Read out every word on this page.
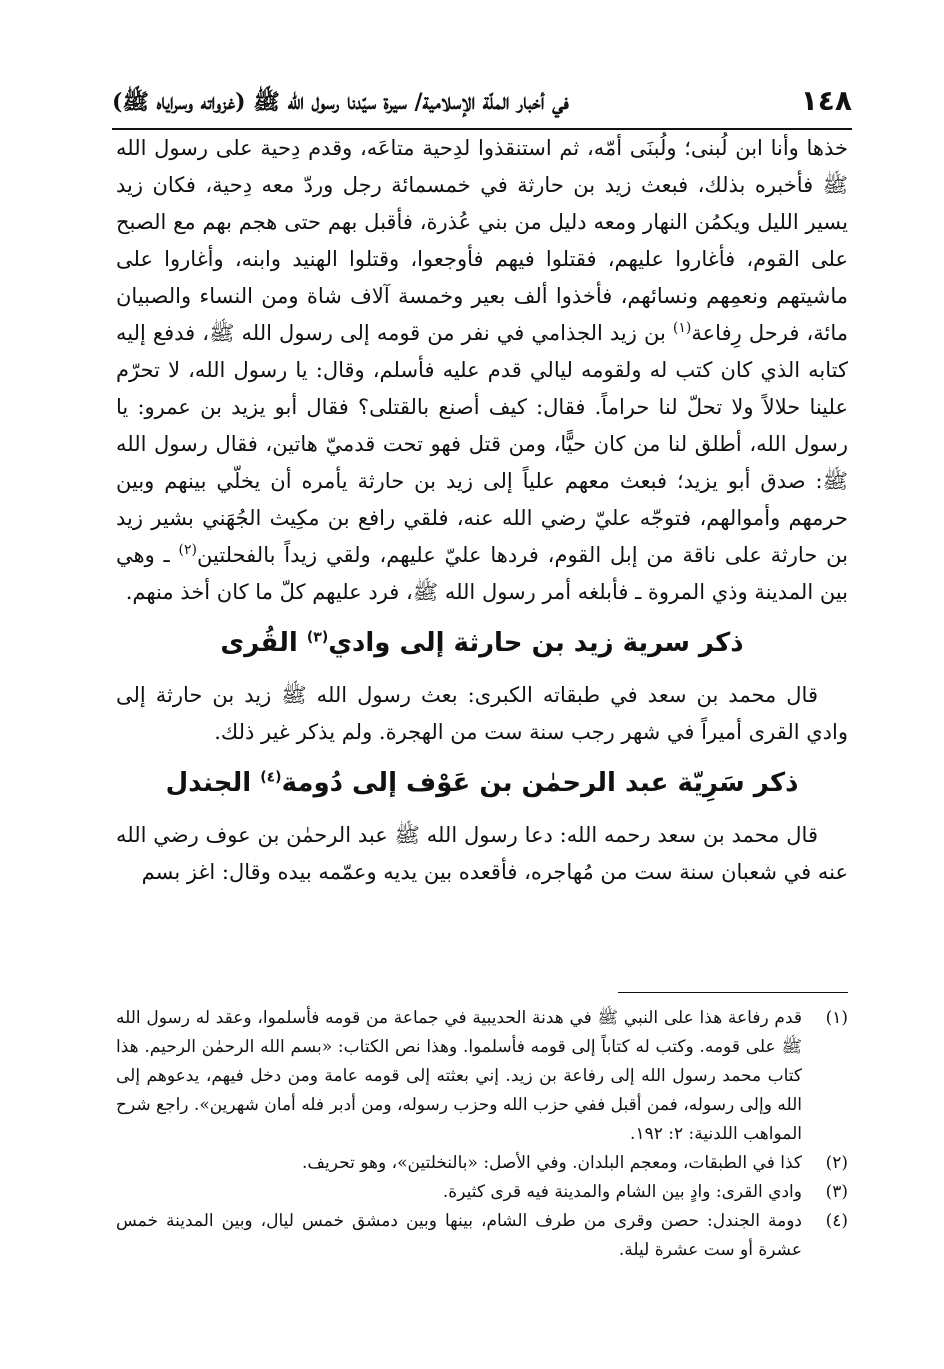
١٤٨
في أخبار الملّة الإسلامية/ سيرة سيّدنا رسول الله ﷺ (غزواته وسراياه ﷺ)

خذها وأنا ابن لُبنى؛ ولُبنَى أمّه، ثم استنقذوا لدِحية متاعَه، وقدم دِحية على رسول الله ﷺ فأخبره بذلك، فبعث زيد بن حارثة في خمسمائة رجل وردّ معه دِحية، فكان زيد يسير الليل ويكمُن النهار ومعه دليل من بني عُذرة، فأقبل بهم حتى هجم بهم مع الصبح على القوم، فأغاروا عليهم، فقتلوا فيهم فأوجعوا، وقتلوا الهنيد وابنه، وأغاروا على ماشيتهم ونعمِهم ونسائهم، فأخذوا ألف بعير وخمسة آلاف شاة ومن النساء والصبيان مائة، فرحل رِفاعة$^{(١)}$ بن زيد الجذامي في نفر من قومه إلى رسول الله ﷺ، فدفع إليه كتابه الذي كان كتب له ولقومه ليالي قدم عليه فأسلم، وقال: يا رسول الله، لا تحرّم علينا حلالاً ولا تحلّ لنا حراماً. فقال: كيف أصنع بالقتلى؟ فقال أبو يزيد بن عمرو: يا رسول الله، أطلق لنا من كان حيًّا، ومن قتل فهو تحت قدميّ هاتين، فقال رسول الله ﷺ: صدق أبو يزيد؛ فبعث معهم علياً إلى زيد بن حارثة يأمره أن يخلّي بينهم وبين حرمهم وأموالهم، فتوجّه عليّ رضي الله عنه، فلقي رافع بن مكِيث الجُهَني بشير زيد بن حارثة على ناقة من إبل القوم، فردها عليّ عليهم، ولقي زيداً بالفحلتين$^{(٢)}$ ـ وهي بين المدينة وذي المروة ـ فأبلغه أمر رسول الله ﷺ، فرد عليهم كلّ ما كان أخذ منهم.

ذكر سرية زيد بن حارثة إلى وادي$^{(٣)}$ القُرى

قال محمد بن سعد في طبقاته الكبرى: بعث رسول الله ﷺ زيد بن حارثة إلى وادي القرى أميراً في شهر رجب سنة ست من الهجرة. ولم يذكر غير ذلك.

ذكر سَرِيّة عبد الرحمٰن بن عَوْف إلى دُومة$^{(٤)}$ الجندل

قال محمد بن سعد رحمه الله: دعا رسول الله ﷺ عبد الرحمٰن بن عوف رضي الله عنه في شعبان سنة ست من مُهاجره، فأقعده بين يديه وعمّمه بيده وقال: اغز بسم

(١)
قدم رفاعة هذا على النبي ﷺ في هدنة الحديبية في جماعة من قومه فأسلموا، وعقد له رسول الله ﷺ على قومه. وكتب له كتاباً إلى قومه فأسلموا. وهذا نص الكتاب: «بسم الله الرحمٰن الرحيم. هذا كتاب محمد رسول الله إلى رفاعة بن زيد. إني بعثته إلى قومه عامة ومن دخل فيهم، يدعوهم إلى الله وإلى رسوله، فمن أقبل ففي حزب الله وحزب رسوله، ومن أدبر فله أمان شهرين». راجع شرح المواهب اللدنية: ٢: ١٩٢.
(٢)
كذا في الطبقات، ومعجم البلدان. وفي الأصل: «بالنخلتين»، وهو تحريف.
(٣)
وادي القرى: وادٍ بين الشام والمدينة فيه قرى كثيرة.
(٤)
دومة الجندل: حصن وقرى من طرف الشام، بينها وبين دمشق خمس ليال، وبين المدينة خمس عشرة أو ست عشرة ليلة.
